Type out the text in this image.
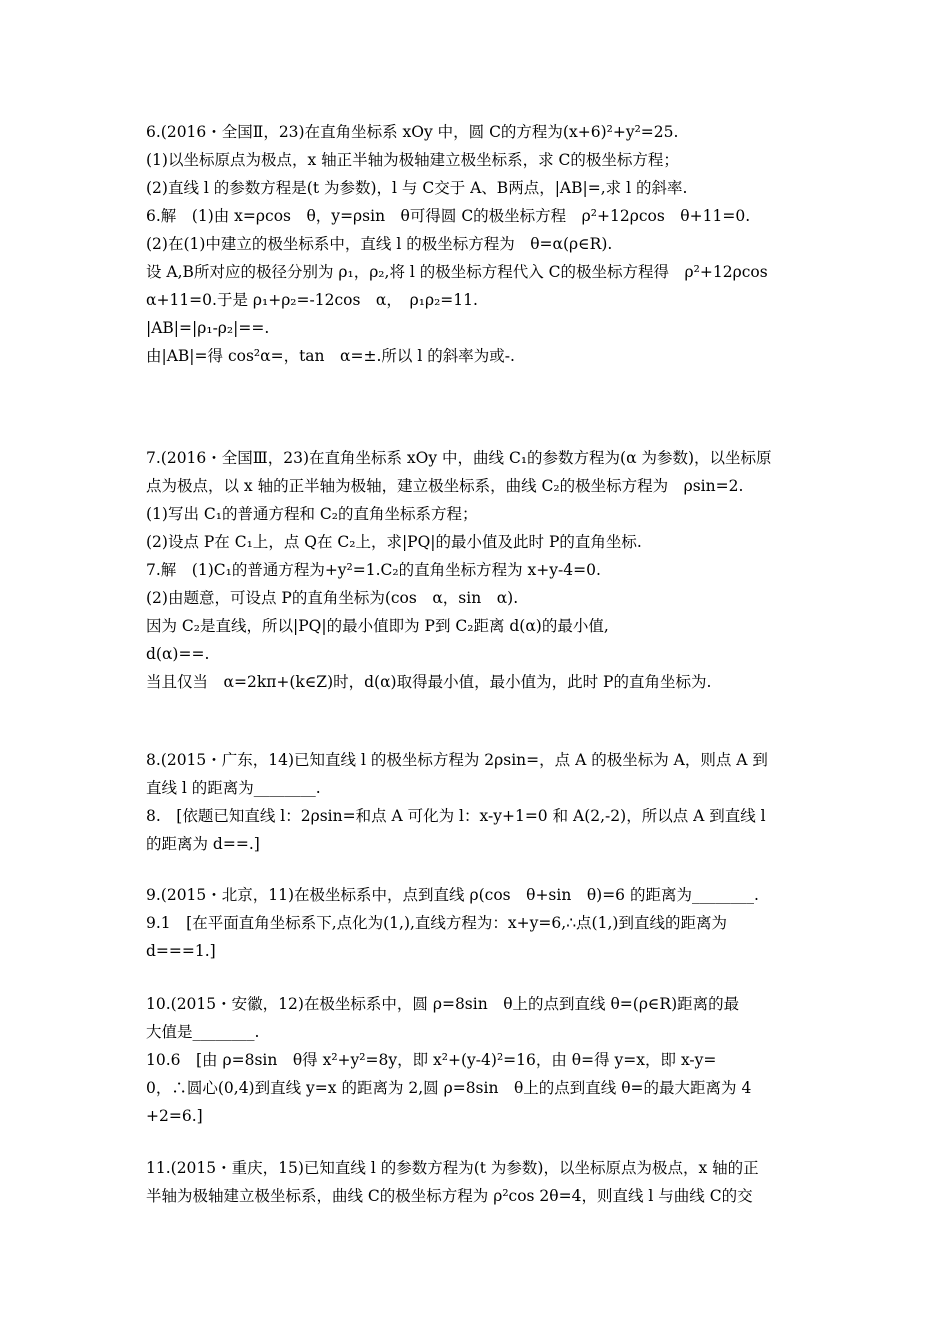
6.(2016・全国Ⅱ，23)在直角坐标系 xOy 中，圆 C的方程为(x+6)²+y²=25.
(1)以坐标原点为极点，x 轴正半轴为极轴建立极坐标系，求 C的极坐标方程；
(2)直线 l 的参数方程是(t 为参数)，l 与 C交于 A、B两点，|AB|=,求 l 的斜率.
6.解　(1)由 x=ρcos　θ，y=ρsin　θ可得圆 C的极坐标方程　ρ²+12ρcos　θ+11=0.
(2)在(1)中建立的极坐标系中，直线 l 的极坐标方程为　θ=α(ρ∈R).
设 A,B所对应的极径分别为 ρ₁，ρ₂,将 l 的极坐标方程代入 C的极坐标方程得　ρ²+12ρcos
α+11=0.于是 ρ₁+ρ₂=-12cos　α，　ρ₁ρ₂=11.
|AB|=|ρ₁-ρ₂|==.
由|AB|=得 cos²α=，tan　α=±.所以 l 的斜率为或-.
7.(2016・全国Ⅲ，23)在直角坐标系 xOy 中，曲线 C₁的参数方程为(α 为参数)，以坐标原
点为极点，以 x 轴的正半轴为极轴，建立极坐标系，曲线 C₂的极坐标方程为　ρsin=2.
(1)写出 C₁的普通方程和 C₂的直角坐标系方程；
(2)设点 P在 C₁上，点 Q在 C₂上，求|PQ|的最小值及此时 P的直角坐标.
7.解　(1)C₁的普通方程为+y²=1.C₂的直角坐标方程为 x+y-4=0.
(2)由题意，可设点 P的直角坐标为(cos　α，sin　α).
因为 C₂是直线，所以|PQ|的最小值即为 P到 C₂距离 d(α)的最小值,
d(α)==.
当且仅当　α=2kπ+(k∈Z)时，d(α)取得最小值，最小值为，此时 P的直角坐标为.
8.(2015・广东，14)已知直线 l 的极坐标方程为 2ρsin=，点 A 的极坐标为 A，则点 A 到
直线 l 的距离为________.
8.　[依题已知直线 l：2ρsin=和点 A 可化为 l：x-y+1=0 和 A(2,-2)，所以点 A 到直线 l
的距离为 d==.]
9.(2015・北京，11)在极坐标系中，点到直线 ρ(cos　θ+sin　θ)=6 的距离为________.
9.1　[在平面直角坐标系下,点化为(1,),直线方程为：x+y=6,∴点(1,)到直线的距离为
d===1.]
10.(2015・安徽，12)在极坐标系中，圆 ρ=8sin　θ上的点到直线 θ=(ρ∈R)距离的最
大值是________.
10.6　[由 ρ=8sin　θ得 x²+y²=8y，即 x²+(y-4)²=16，由 θ=得 y=x，即 x-y=
0，∴圆心(0,4)到直线 y=x 的距离为 2,圆 ρ=8sin　θ上的点到直线 θ=的最大距离为 4
+2=6.]
11.(2015・重庆，15)已知直线 l 的参数方程为(t 为参数)，以坐标原点为极点，x 轴的正
半轴为极轴建立极坐标系，曲线 C的极坐标方程为 ρ²cos 2θ=4，则直线 l 与曲线 C的交
